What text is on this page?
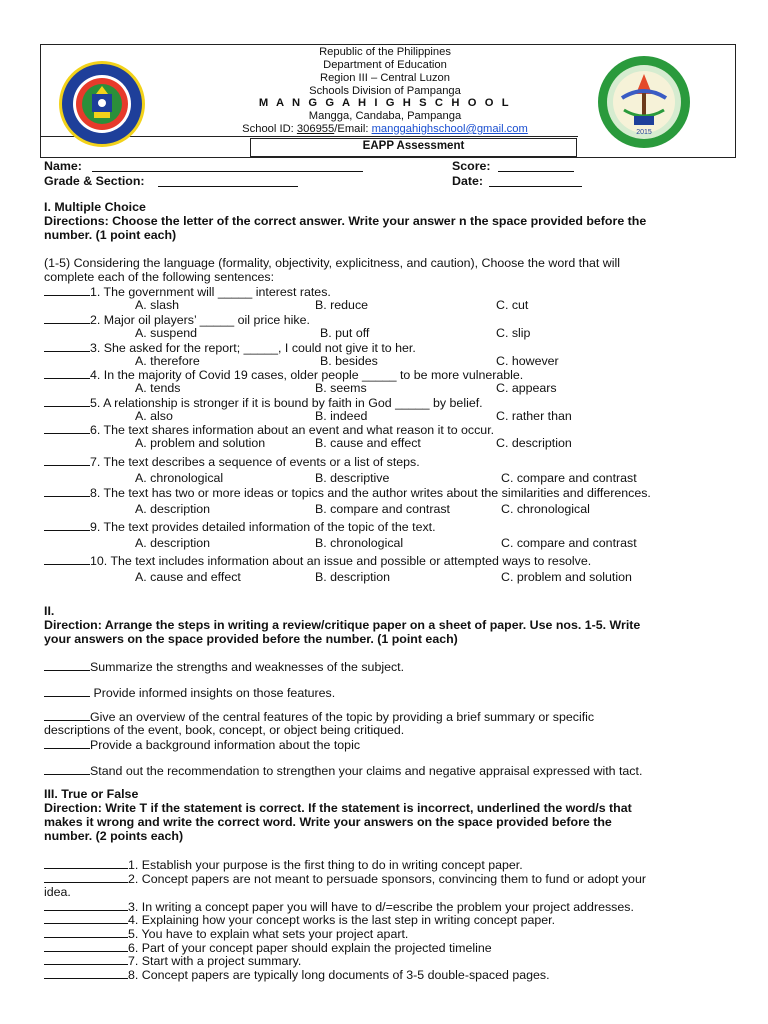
2015
Republic of the Philippines
Department of Education
Region III – Central Luzon
Schools Division of Pampanga
M A N G G A H I G H S C H O O L
Mangga, Candaba, Pampanga
School ID: 306955/Email: manggahighschool@gmail.com
EAPP Assessment
Name:	Score:
Grade & Section:	Date:
I. Multiple Choice
Directions: Choose the letter of the correct answer. Write your answer n the space provided before the
number. (1 point each)
(1-5) Considering the language (formality, objectivity, explicitness, and caution), Choose the word that will
complete each of the following sentences:
1. The government will _____ interest rates.
A. slash	B. reduce	C. cut
2. Major oil players’ _____ oil price hike.
A. suspend	B. put off	C. slip
3. She asked for the report; _____, I could not give it to her.
A. therefore	B. besides	C. however
4. In the majority of Covid 19 cases, older people _____ to be more vulnerable.
A. tends	B. seems	C. appears
5. A relationship is stronger if it is bound by faith in God _____ by belief.
A. also	B. indeed	C. rather than
6. The text shares information about an event and what reason it to occur.
A. problem and solution	B. cause and effect	C. description
7. The text describes a sequence of events or a list of steps.
A. chronological	B. descriptive	C. compare and contrast
8. The text has two or more ideas or topics and the author writes about the similarities and differences.
A. description	B. compare and contrast	C. chronological
9. The text provides detailed information of the topic of the text.
A. description	B. chronological	C. compare and contrast
10. The text includes information about an issue and possible or attempted ways to resolve.
A. cause and effect	B. description	C. problem and solution
II.
Direction: Arrange the steps in writing a review/critique paper on a sheet of paper. Use nos. 1-5. Write
your answers on the space provided before the number. (1 point each)
Summarize the strengths and weaknesses of the subject.
Provide informed insights on those features.
Give an overview of the central features of the topic by providing a brief summary or specific
descriptions of the event, book, concept, or object being critiqued.
Provide a background information about the topic
Stand out the recommendation to strengthen your claims and negative appraisal expressed with tact.
III. True or False
Direction: Write T if the statement is correct. If the statement is incorrect, underlined the word/s that
makes it wrong and write the correct word. Write your answers on the space provided before the
number. (2 points each)
1. Establish your purpose is the first thing to do in writing concept paper.
2. Concept papers are not meant to persuade sponsors, convincing them to fund or adopt your
idea.
3. In writing a concept paper you will have to d/=escribe the problem your project addresses.
4. Explaining how your concept works is the last step in writing concept paper.
5. You have to explain what sets your project apart.
6. Part of your concept paper should explain the projected timeline
7. Start with a project summary.
8. Concept papers are typically long documents of 3-5 double-spaced pages.
